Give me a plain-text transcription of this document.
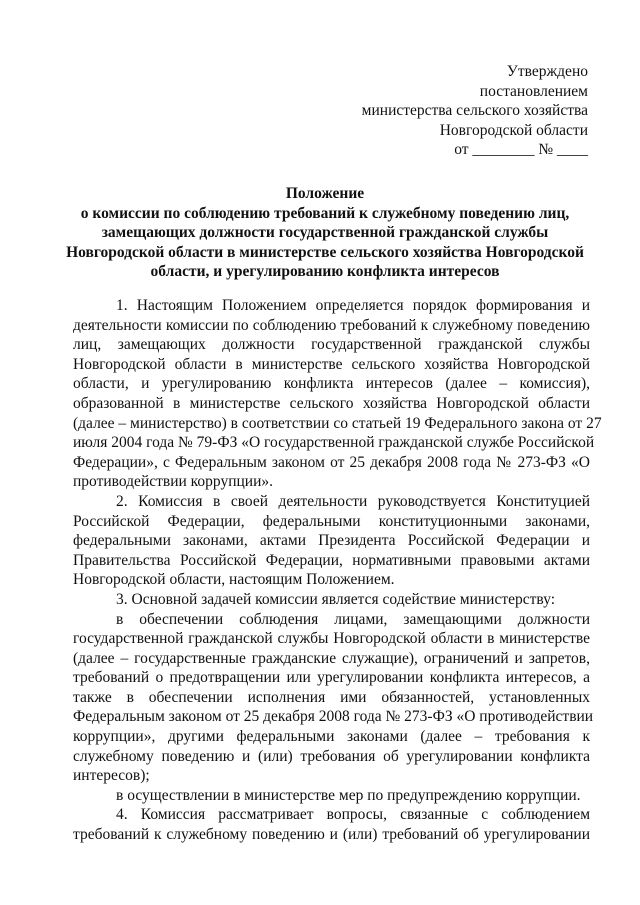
Утверждено
постановлением
министерства сельского хозяйства
Новгородской области
от ________ № ____
Положение
о комиссии по соблюдению требований к служебному поведению лиц,
замещающих должности государственной гражданской службы
Новгородской области в министерстве сельского хозяйства Новгородской
области, и урегулированию конфликта интересов
1. Настоящим Положением определяется порядок формирования и
деятельности комиссии по соблюдению требований к служебному поведению
лиц, замещающих должности государственной гражданской службы
Новгородской области в министерстве сельского хозяйства Новгородской
области, и урегулированию конфликта интересов (далее – комиссия),
образованной в министерстве сельского хозяйства Новгородской области
(далее – министерство) в соответствии со статьей 19 Федерального закона от 27
июля 2004 года № 79-ФЗ «О государственной гражданской службе Российской
Федерации», с Федеральным законом от 25 декабря 2008 года № 273-ФЗ «О
противодействии коррупции».
2. Комиссия в своей деятельности руководствуется Конституцией
Российской Федерации, федеральными конституционными законами,
федеральными законами, актами Президента Российской Федерации и
Правительства Российской Федерации, нормативными правовыми актами
Новгородской области, настоящим Положением.
3. Основной задачей комиссии является содействие министерству:
в обеспечении соблюдения лицами, замещающими должности
государственной гражданской службы Новгородской области в министерстве
(далее – государственные гражданские служащие), ограничений и запретов,
требований о предотвращении или урегулировании конфликта интересов, а
также в обеспечении исполнения ими обязанностей, установленных
Федеральным законом от 25 декабря 2008 года № 273-ФЗ «О противодействии
коррупции», другими федеральными законами (далее – требования к
служебному поведению и (или) требования об урегулировании конфликта
интересов);
в осуществлении в министерстве мер по предупреждению коррупции.
4. Комиссия рассматривает вопросы, связанные с соблюдением
требований к служебному поведению и (или) требований об урегулировании
